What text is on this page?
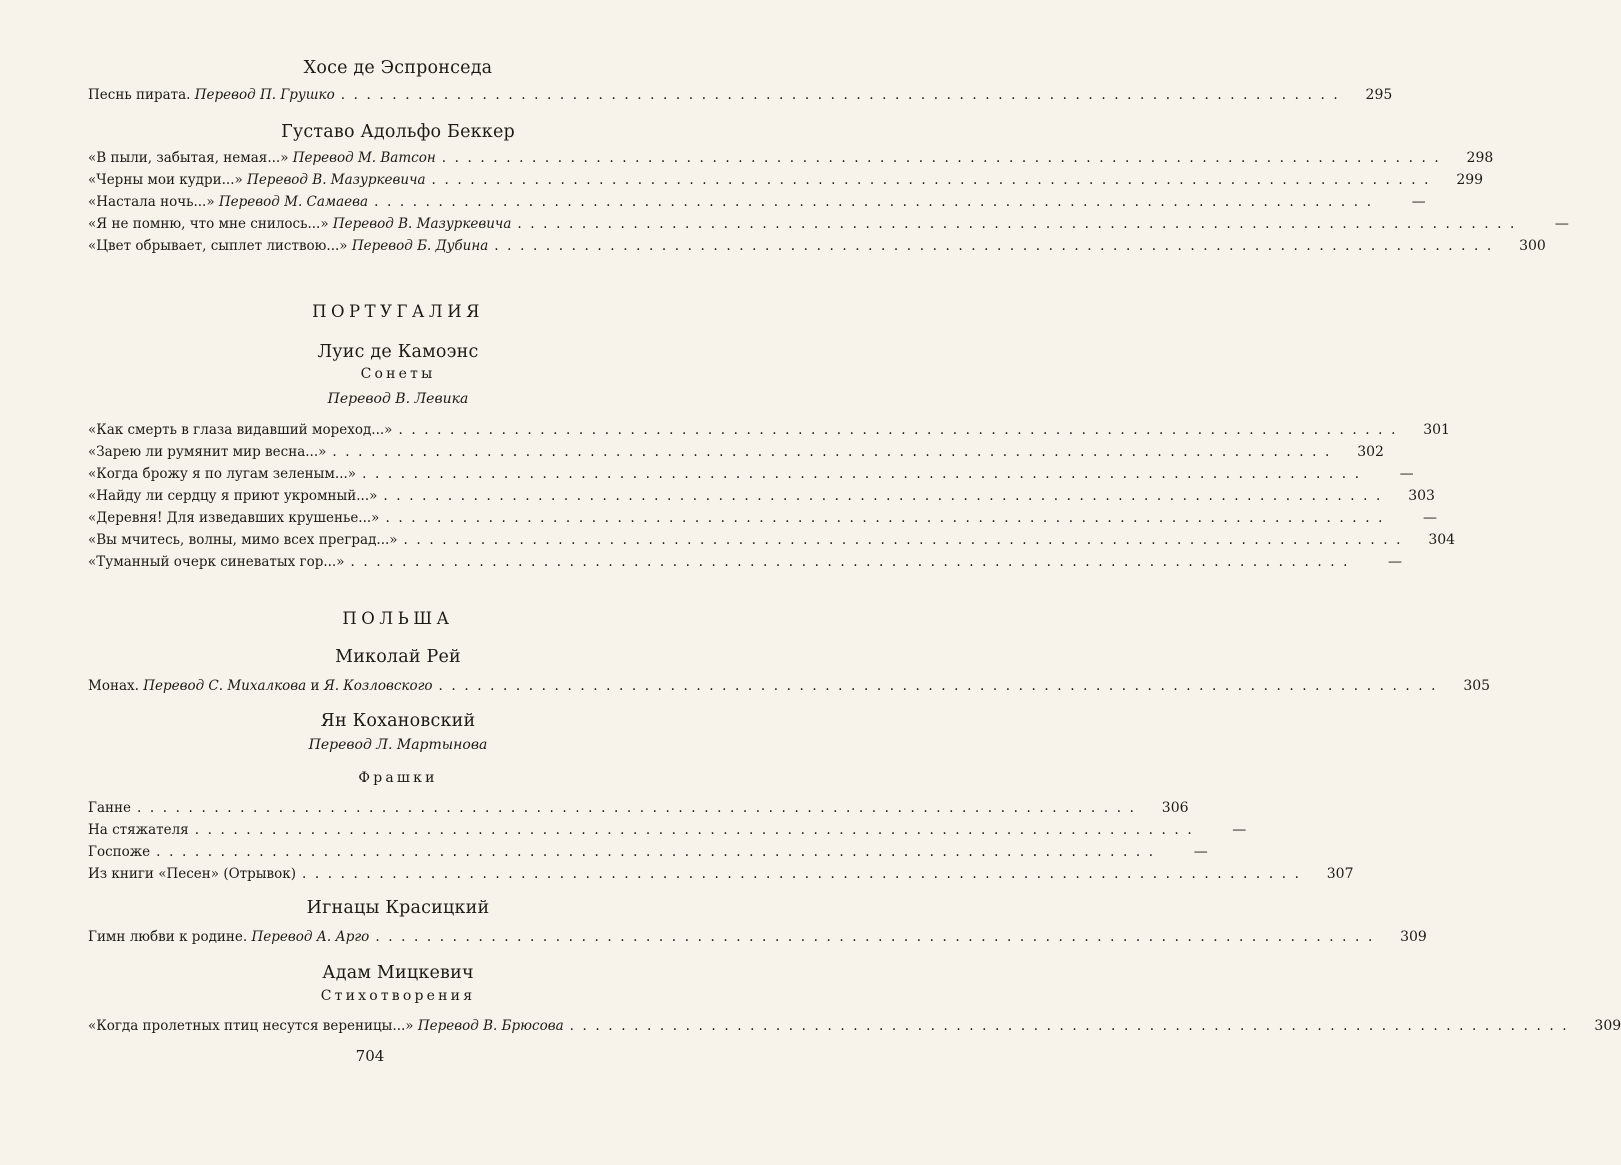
Хосе де Эспронседа
Песнь пирата. Перевод П. Грушко ..............................................................................	295
Густаво Адольфо Беккер
«В пыли, забытая, немая...» Перевод М. Ватсон ..............................................................................	298
«Черны мои кудри...» Перевод В. Мазуркевича ..............................................................................	299
«Настала ночь...» Перевод М. Самаева ..............................................................................	—
«Я не помню, что мне снилось...» Перевод В. Мазуркевича ..............................................................................	—
«Цвет обрывает, сыплет листвою...» Перевод Б. Дубина ..............................................................................	300
ПОРТУГАЛИЯ
Луис де Камоэнс
Сонеты
Перевод В. Левика
«Как смерть в глаза видавший мореход...» ..............................................................................	301
«Зарею ли румянит мир весна...» ..............................................................................	302
«Когда брожу я по лугам зеленым...» ..............................................................................	—
«Найду ли сердцу я приют укромный...» ..............................................................................	303
«Деревня! Для изведавших крушенье...» ..............................................................................	—
«Вы мчитесь, волны, мимо всех преград...» ..............................................................................	304
«Туманный очерк синеватых гор...» ..............................................................................	—
ПОЛЬША
Миколай Рей
Монах. Перевод С. Михалкова и Я. Козловского ..............................................................................	305
Ян Кохановский
Перевод Л. Мартынова
Фрашки
Ганне ..............................................................................	306
На стяжателя ..............................................................................	—
Госпоже ..............................................................................	—
Из книги «Песен» (Отрывок) ..............................................................................	307
Игнацы Красицкий
Гимн любви к родине. Перевод А. Арго ..............................................................................	309
Адам Мицкевич
Стихотворения
«Когда пролетных птиц несутся вереницы...» Перевод В. Брюсова ..............................................................................	309
704
